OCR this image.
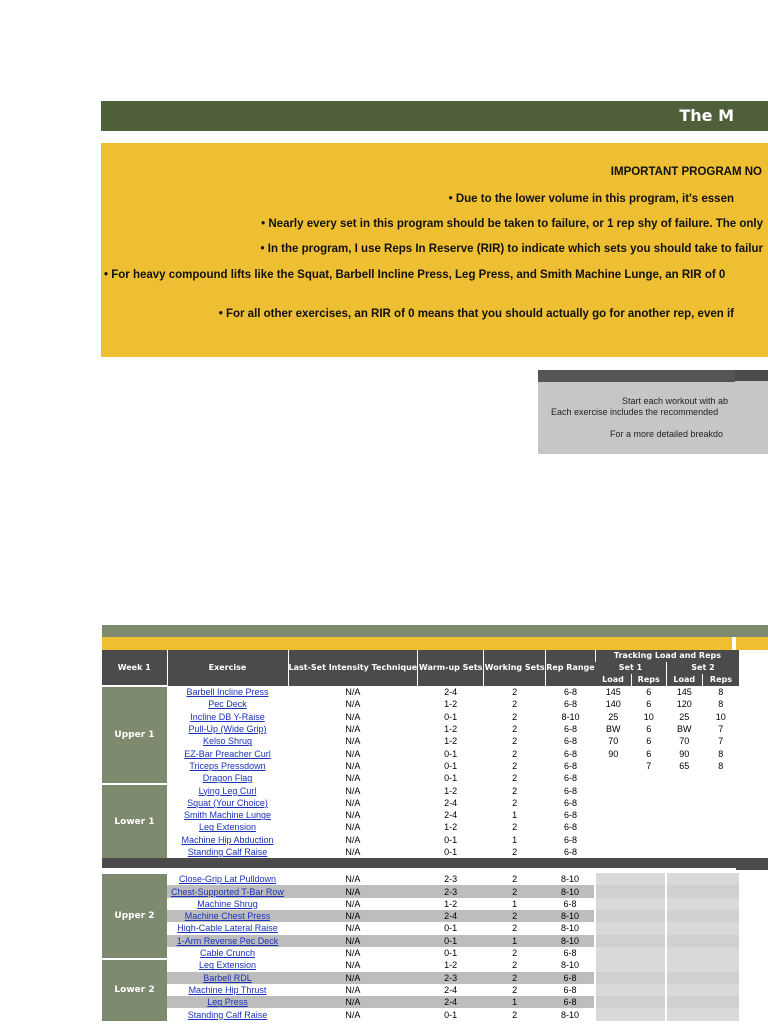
The M
IMPORTANT PROGRAM NO
• Due to the lower volume in this program, it's essen
• Nearly every set in this program should be taken to failure, or 1 rep shy of failure. The only
• In the program, I use Reps In Reserve (RIR) to indicate which sets you should take to failur
• For heavy compound lifts like the Squat, Barbell Incline Press, Leg Press, and Smith Machine Lunge, an RIR of 0
• For all other exercises, an RIR of 0 means that you should actually go for another rep, even if
Start each workout with ab
Each exercise includes the recommended
For a more detailed breakdo
Week 1	Exercise	Last-Set Intensity Technique	Warm-up Sets	Working Sets	Rep Range	Tracking Load and Reps			
						Set 1		Set 2	
						Load	Reps	Load	Reps
Upper 1	Barbell Incline Press	N/A	2-4	2	6-8	145	6	145	8
	Pec Deck	N/A	1-2	2	6-8	140	6	120	8
	Incline DB Y-Raise	N/A	0-1	2	8-10	25	10	25	10
	Pull-Up (Wide Grip)	N/A	1-2	2	6-8	BW	6	BW	7
	Kelso Shrug	N/A	1-2	2	6-8	70	6	70	7
	EZ-Bar Preacher Curl	N/A	0-1	2	6-8	90	6	90	8
	Triceps Pressdown	N/A	0-1	2	6-8		7	65	8
	Dragon Flag	N/A	0-1	2	6-8				
Lower 1	Lying Leg Curl	N/A	1-2	2	6-8				
	Squat (Your Choice)	N/A	2-4	2	6-8				
	Smith Machine Lunge	N/A	2-4	1	6-8				
	Leg Extension	N/A	1-2	2	6-8				
	Machine Hip Abduction	N/A	0-1	1	6-8				
	Standing Calf Raise	N/A	0-1	2	6-8				

Upper 2	Close-Grip Lat Pulldown	N/A	2-3	2	8-10				
	Chest-Supported T-Bar Row	N/A	2-3	2	8-10				
	Machine Shrug	N/A	1-2	1	6-8				
	Machine Chest Press	N/A	2-4	2	8-10				
	High-Cable Lateral Raise	N/A	0-1	2	8-10				
	1-Arm Reverse Pec Deck	N/A	0-1	1	8-10				
	Cable Crunch	N/A	0-1	2	6-8				
Lower 2	Leg Extension	N/A	1-2	2	8-10				
	Barbell RDL	N/A	2-3	2	6-8				
	Machine Hip Thrust	N/A	2-4	2	6-8				
	Leg Press	N/A	2-4	1	6-8				
	Standing Calf Raise	N/A	0-1	2	8-10				
